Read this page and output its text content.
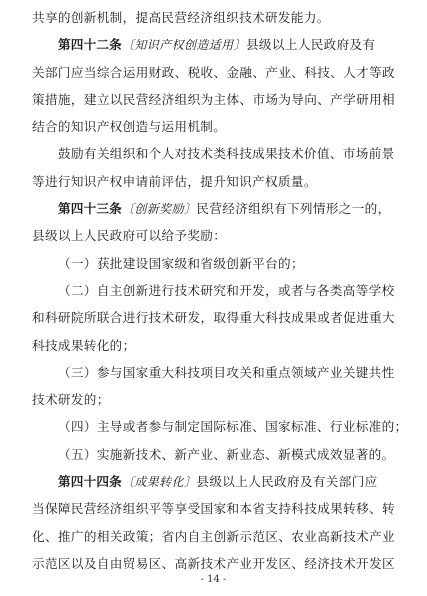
共享的创新机制，提高民营经济组织技术研发能力。
第四十二条〔知识产权创造适用〕县级以上人民政府及有
关部门应当综合运用财政、税收、金融、产业、科技、人才等政
策措施，建立以民营经济组织为主体、市场为导向、产学研用相
结合的知识产权创造与运用机制。
鼓励有关组织和个人对技术类科技成果技术价值、市场前景
等进行知识产权申请前评估，提升知识产权质量。
第四十三条〔创新奖励〕民营经济组织有下列情形之一的，
县级以上人民政府可以给予奖励：
（一）获批建设国家级和省级创新平台的；
（二）自主创新进行技术研究和开发，或者与各类高等学校
和科研院所联合进行技术研发，取得重大科技成果或者促进重大
科技成果转化的；
（三）参与国家重大科技项目攻关和重点领域产业关键共性
技术研发的；
（四）主导或者参与制定国际标准、国家标准、行业标准的；
（五）实施新技术、新产业、新业态、新模式成效显著的。
第四十四条〔成果转化〕县级以上人民政府及有关部门应
当保障民营经济组织平等享受国家和本省支持科技成果转移、转
化、推广的相关政策；省内自主创新示范区、农业高新技术产业
示范区以及自由贸易区、高新技术产业开发区、经济技术开发区
- 14 -
